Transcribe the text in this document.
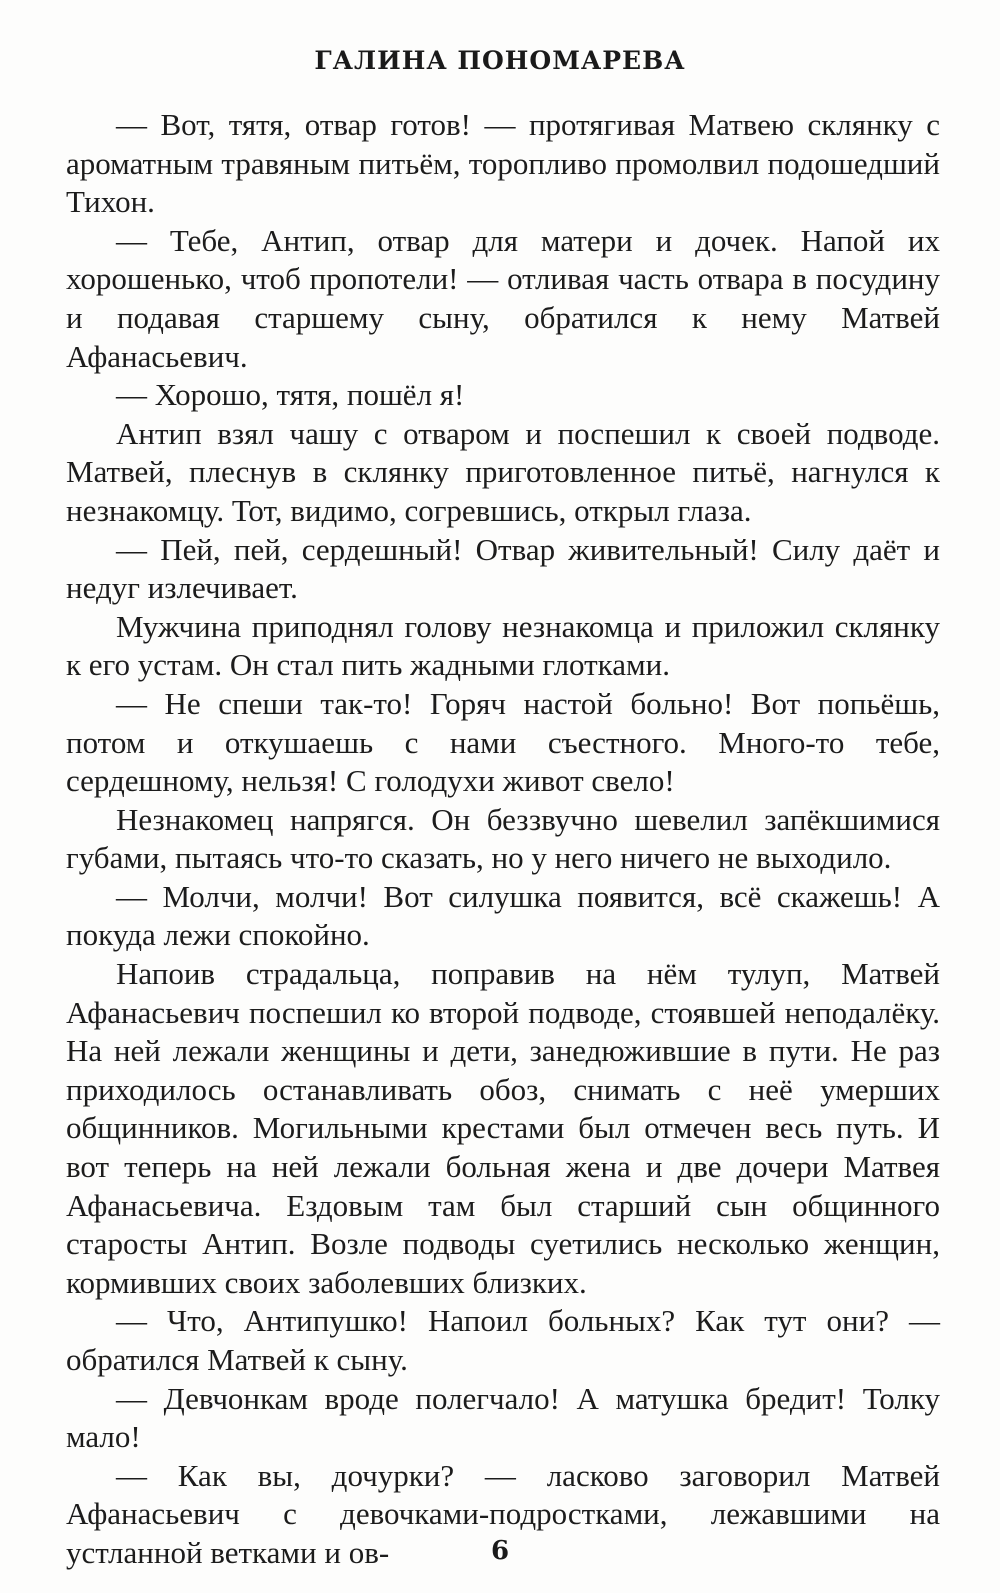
ГАЛИНА ПОНОМАРЕВА

— Вот, тятя, отвар готов! — протягивая Матвею склянку с ароматным травяным питьём, торопливо промолвил подошедший Тихон.

— Тебе, Антип, отвар для матери и дочек. Напой их хорошенько, чтоб пропотели! — отливая часть отвара в посудину и подавая старшему сыну, обратился к нему Матвей Афанасьевич.

— Хорошо, тятя, пошёл я!

Антип взял чашу с отваром и поспешил к своей подводе. Матвей, плеснув в склянку приготовленное питьё, нагнулся к незнакомцу. Тот, видимо, согревшись, открыл глаза.

— Пей, пей, сердешный! Отвар живительный! Силу даёт и недуг излечивает.

Мужчина приподнял голову незнакомца и приложил склянку к его устам. Он стал пить жадными глотками.

— Не спеши так-то! Горяч настой больно! Вот попьёшь, потом и откушаешь с нами съестного. Много-то тебе, сердешному, нельзя! С голодухи живот свело!

Незнакомец напрягся. Он беззвучно шевелил запёкшимися губами, пытаясь что-то сказать, но у него ничего не выходило.

— Молчи, молчи! Вот силушка появится, всё скажешь! А покуда лежи спокойно.

Напоив страдальца, поправив на нём тулуп, Матвей Афанасьевич поспешил ко второй подводе, стоявшей неподалёку. На ней лежали женщины и дети, занедюжившие в пути. Не раз приходилось останавливать обоз, снимать с неё умерших общинников. Могильными крестами был отмечен весь путь. И вот теперь на ней лежали больная жена и две дочери Матвея Афанасьевича. Ездовым там был старший сын общинного старосты Антип. Возле подводы суетились несколько женщин, кормивших своих заболевших близких.

— Что, Антипушко! Напоил больных? Как тут они? — обратился Матвей к сыну.

— Девчонкам вроде полегчало! А матушка бредит! Толку мало!

— Как вы, дочурки? — ласково заговорил Матвей Афанасьевич с девочками-подростками, лежавшими на устланной ветками и ов-	6
